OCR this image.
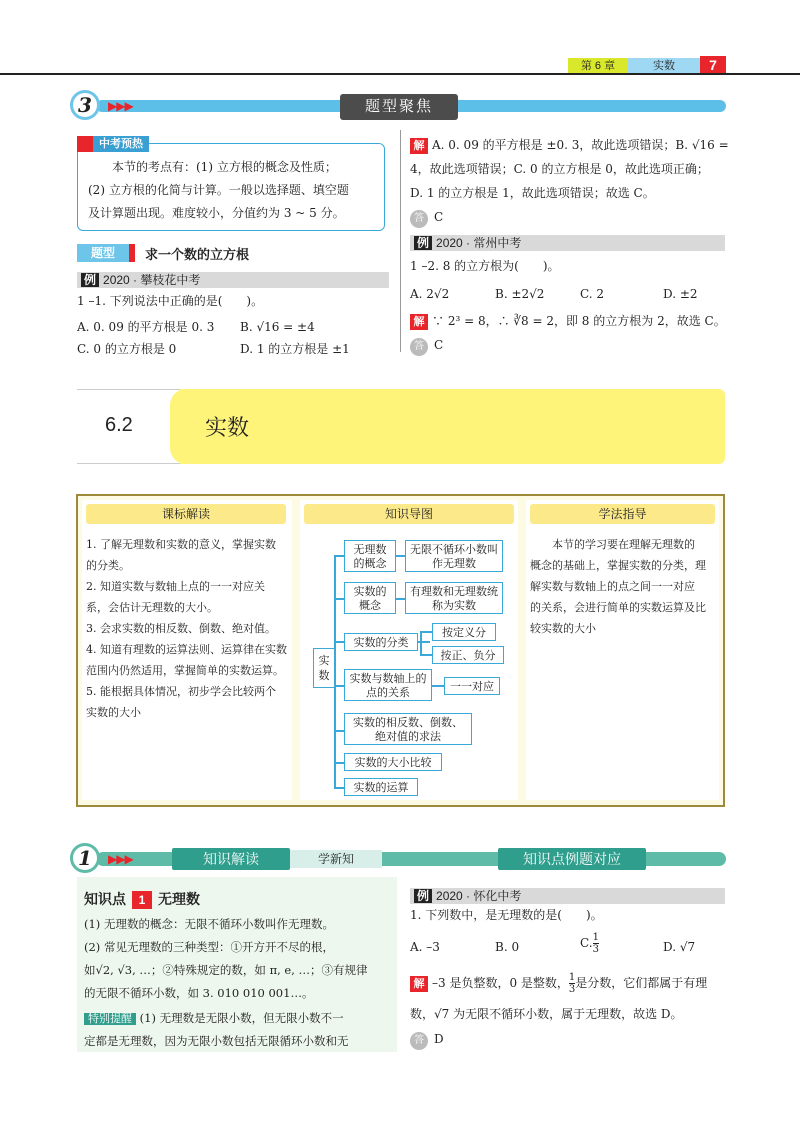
第 6 章	实数	7
3	▶▶▶	题型聚焦
本节的考点有：(1) 立方根的概念及性质；
(2) 立方根的化简与计算。一般以选择题、填空题
及计算题出现。难度较小，分值约为 3 ~ 5 分。
中考预热
题型	求一个数的立方根
例 2020 · 攀枝花中考
1 –1. 下列说法中正确的是(　　)。
A. 0. 09 的平方根是 0. 3 B. √16 = ±4
C. 0 的立方根是 0	D. 1 的立方根是 ±1
解 A. 0. 09 的平方根是 ±0. 3，故此选项错误；B. √16 =
4，故此选项错误；C. 0 的立方根是 0，故此选项正确；
D. 1 的立方根是 1，故此选项错误；故选 C。
答 C
例 2020 · 常州中考
1 –2. 8 的立方根为(　　)。
A. 2√2	B. ±2√2	C. 2	D. ±2
解 ∵ 2³ = 8，∴ ∛8 = 2，即 8 的立方根为 2，故选 C。
答 C
6.2	实数
课标解读	知识导图	学法指导
1. 了解无理数和实数的意义，掌握实数
的分类。
2. 知道实数与数轴上点的一一对应关
系，会估计无理数的大小。
3. 会求实数的相反数、倒数、绝对值。
4. 知道有理数的运算法则、运算律在实数
范围内仍然适用，掌握简单的实数运算。
5. 能根据具体情况，初步学会比较两个
实数的大小
实数
无理数的概念
无限不循环小数叫作无理数
实数的概念
有理数和无理数统称为实数
实数的分类
按定义分
按正、负分
实数与数轴上的点的关系	一一对应
实数的相反数、倒数、绝对值的求法
实数的大小比较
实数的运算
本节的学习要在理解无理数的
概念的基础上，掌握实数的分类，理
解实数与数轴上的点之间一一对应
的关系，会进行简单的实数运算及比
较实数的大小
1	▶▶▶	知识解读	学新知	知识点例题对应
知识点 1 无理数
(1) 无理数的概念：无限不循环小数叫作无理数。
(2) 常见无理数的三种类型：①开方开不尽的根，
如√2, √3, …；②特殊规定的数，如 π, e, …；③有规律
的无限不循环小数，如 3. 010 010 001…。
特别提醒 (1) 无理数是无限小数，但无限小数不一
定都是无理数，因为无限小数包括无限循环小数和无
例 2020 · 怀化中考
1. 下列数中，是无理数的是(　　)。
A. –3	B. 0	C. $\frac{1}{3}$	D. √7
解 –3 是负整数，0 是整数， $\frac{1}{3}$ 是分数，它们都属于有理
数，√7 为无限不循环小数，属于无理数，故选 D。
答 D
